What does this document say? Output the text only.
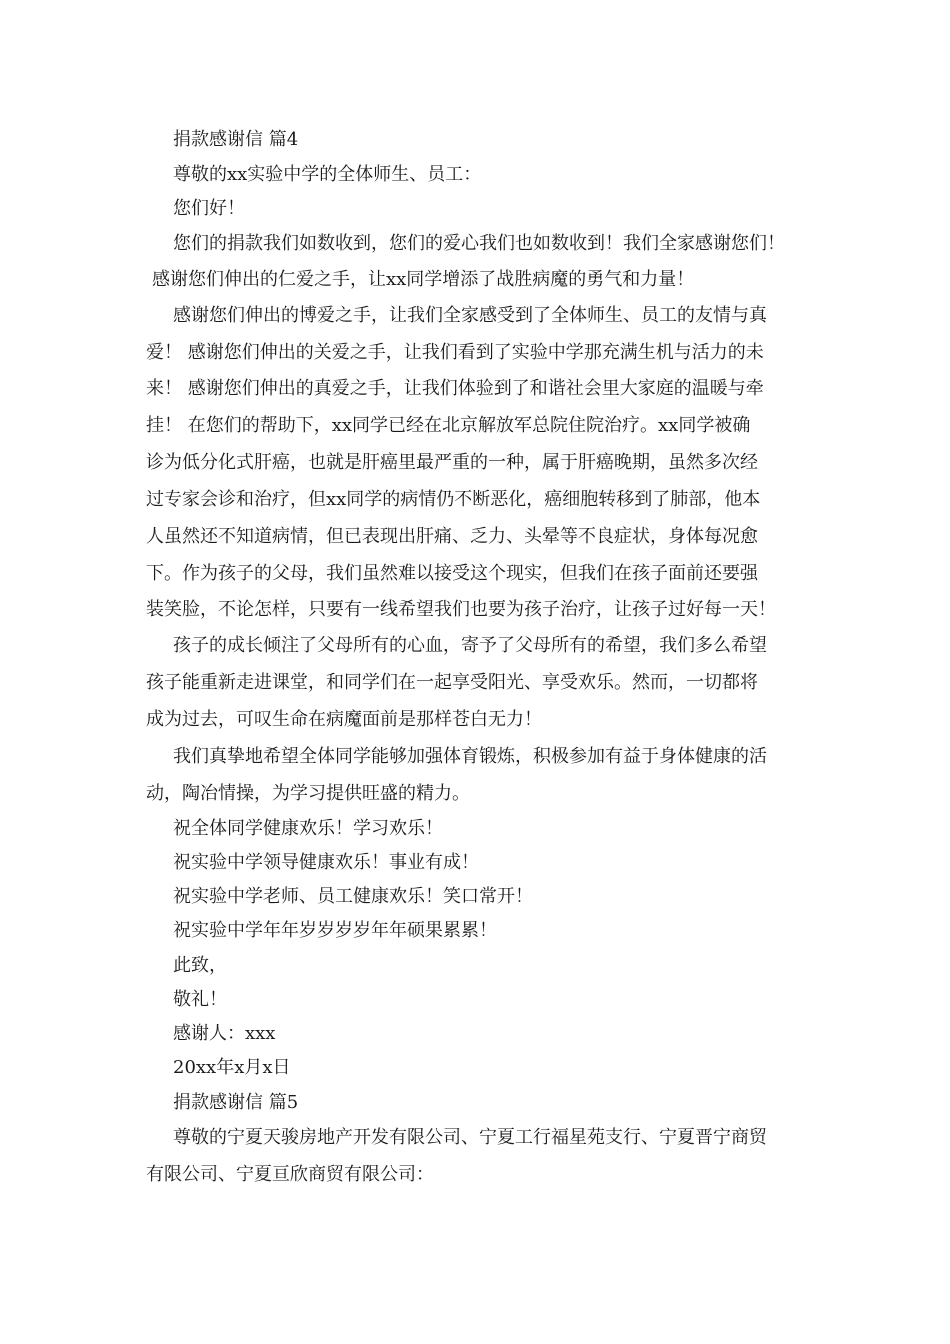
捐款感谢信 篇4
尊敬的xx实验中学的全体师生、员工：
您们好！
您们的捐款我们如数收到，您们的爱心我们也如数收到！我们全家感谢您们！
感谢您们伸出的仁爱之手，让xx同学增添了战胜病魔的勇气和力量！
感谢您们伸出的博爱之手，让我们全家感受到了全体师生、员工的友情与真
爱！ 感谢您们伸出的关爱之手，让我们看到了实验中学那充满生机与活力的未
来！ 感谢您们伸出的真爱之手，让我们体验到了和谐社会里大家庭的温暖与牵
挂！ 在您们的帮助下，xx同学已经在北京解放军总院住院治疗。xx同学被确
诊为低分化式肝癌，也就是肝癌里最严重的一种，属于肝癌晚期，虽然多次经
过专家会诊和治疗，但xx同学的病情仍不断恶化，癌细胞转移到了肺部，他本
人虽然还不知道病情，但已表现出肝痛、乏力、头晕等不良症状，身体每况愈
下。作为孩子的父母，我们虽然难以接受这个现实，但我们在孩子面前还要强
装笑脸，不论怎样，只要有一线希望我们也要为孩子治疗，让孩子过好每一天！
孩子的成长倾注了父母所有的心血，寄予了父母所有的希望，我们多么希望
孩子能重新走进课堂，和同学们在一起享受阳光、享受欢乐。然而，一切都将
成为过去，可叹生命在病魔面前是那样苍白无力！
我们真挚地希望全体同学能够加强体育锻炼，积极参加有益于身体健康的活
动，陶冶情操，为学习提供旺盛的精力。
祝全体同学健康欢乐！学习欢乐！
祝实验中学领导健康欢乐！事业有成！
祝实验中学老师、员工健康欢乐！笑口常开！
祝实验中学年年岁岁岁岁年年硕果累累！
此致，
敬礼！
感谢人：xxx
20xx年x月x日
捐款感谢信 篇5
尊敬的宁夏天骏房地产开发有限公司、宁夏工行福星苑支行、宁夏晋宁商贸
有限公司、宁夏亘欣商贸有限公司：
